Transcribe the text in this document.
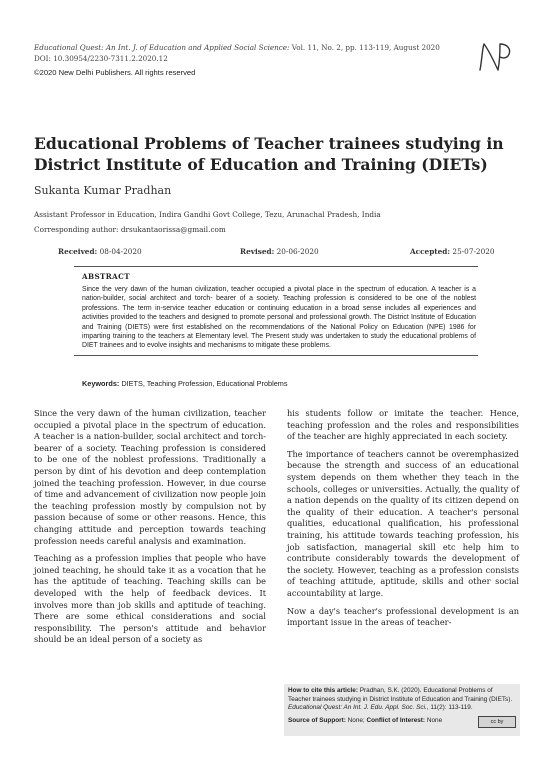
Educational Quest: An Int. J. of Education and Applied Social Science: Vol. 11, No. 2, pp. 113-119, August 2020
DOI: 10.30954/2230-7311.2.2020.12
©2020 New Delhi Publishers. All rights reserved
Educational Problems of Teacher trainees studying in District Institute of Education and Training (DIETs)
Sukanta Kumar Pradhan
Assistant Professor in Education, Indira Gandhi Govt College, Tezu, Arunachal Pradesh, India
Corresponding author: drsukantaorissa@gmail.com
Received: 08-04-2020	Revised: 20-06-2020	Accepted: 25-07-2020
ABSTRACT
Since the very dawn of the human civilization, teacher occupied a pivotal place in the spectrum of education. A teacher is a nation-builder, social architect and torch- bearer of a society. Teaching profession is considered to be one of the noblest professions. The term in-service teacher education or continuing education in a broad sense includes all experiences and activities provided to the teachers and designed to promote personal and professional growth. The District Institute of Education and Training (DIETS) were first established on the recommendations of the National Policy on Education (NPE) 1986 for imparting training to the teachers at Elementary level. The Present study was undertaken to study the educational problems of DIET trainees and to evolve insights and mechanisms to mitigate these problems.
Keywords: DIETS, Teaching Profession, Educational Problems

Since the very dawn of the human civilization, teacher occupied a pivotal place in the spectrum of education. A teacher is a nation-builder, social architect and torch- bearer of a society. Teaching profession is considered to be one of the noblest professions. Traditionally a person by dint of his devotion and deep contemplation joined the teaching profession. However, in due course of time and advancement of civilization now people join the teaching profession mostly by compulsion not by passion because of some or other reasons. Hence, this changing attitude and perception towards teaching profession needs careful analysis and examination.

Teaching as a profession implies that people who have joined teaching, he should take it as a vocation that he has the aptitude of teaching. Teaching skills can be developed with the help of feedback devices. It involves more than job skills and aptitude of teaching. There are some ethical considerations and social responsibility. The person's attitude and behavior should be an ideal person of a society as

his students follow or imitate the teacher. Hence, teaching profession and the roles and responsibilities of the teacher are highly appreciated in each society.

The importance of teachers cannot be overemphasized because the strength and success of an educational system depends on them whether they teach in the schools, colleges or universities. Actually, the quality of a nation depends on the quality of its citizen depend on the quality of their education. A teacher's personal qualities, educational qualification, his professional training, his attitude towards teaching profession, his job satisfaction, managerial skill etc help him to contribute considerably towards the development of the society. However, teaching as a profession consists of teaching attitude, aptitude, skills and other social accountability at large.

Now a day's teacher's professional development is an important issue in the areas of teacher-

How to cite this article: Pradhan, S.K. (2020). Educational Problems of Teacher trainees studying in District Institute of Education and Training (DIETs). Educational Quest: An Int. J. Edu. Appl. Soc. Sci., 11(2): 113-119.
Source of Support: None; Conflict of Interest: None	cc by
